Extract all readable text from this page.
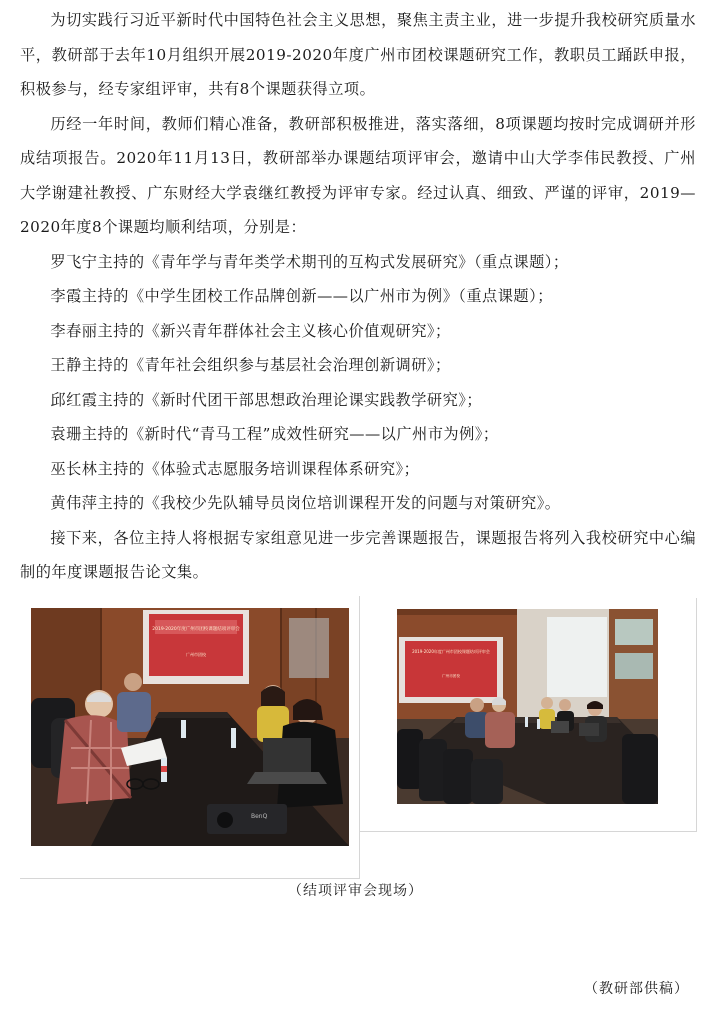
为切实践行习近平新时代中国特色社会主义思想，聚焦主责主业，进一步提升我校研究质量水平，教研部于去年10月组织开展2019-2020年度广州市团校课题研究工作，教职员工踊跃申报，积极参与，经专家组评审，共有8个课题获得立项。

历经一年时间，教师们精心准备，教研部积极推进，落实落细，8项课题均按时完成调研并形成结项报告。2020年11月13日，教研部举办课题结项评审会，邀请中山大学李伟民教授、广州大学谢建社教授、广东财经大学袁继红教授为评审专家。经过认真、细致、严谨的评审，2019—2020年度8个课题均顺利结项，分别是：

罗飞宁主持的《青年学与青年类学术期刊的互构式发展研究》（重点课题）；

李霞主持的《中学生团校工作品牌创新——以广州市为例》（重点课题）；

李春丽主持的《新兴青年群体社会主义核心价值观研究》；

王静主持的《青年社会组织参与基层社会治理创新调研》；

邱红霞主持的《新时代团干部思想政治理论课实践教学研究》；

袁珊主持的《新时代“青马工程”成效性研究——以广州市为例》；

巫长林主持的《体验式志愿服务培训课程体系研究》；

黄伟萍主持的《我校少先队辅导员岗位培训课程开发的问题与对策研究》。

接下来，各位主持人将根据专家组意见进一步完善课题报告，课题报告将列入我校研究中心编制的年度课题报告论文集。

2019-2020年度广州市团校课题结项评审会
广州市团校
BenQ
2019-2020年度广州市团校课题结项评审会
广州市团校
（结项评审会现场）
（教研部供稿）
